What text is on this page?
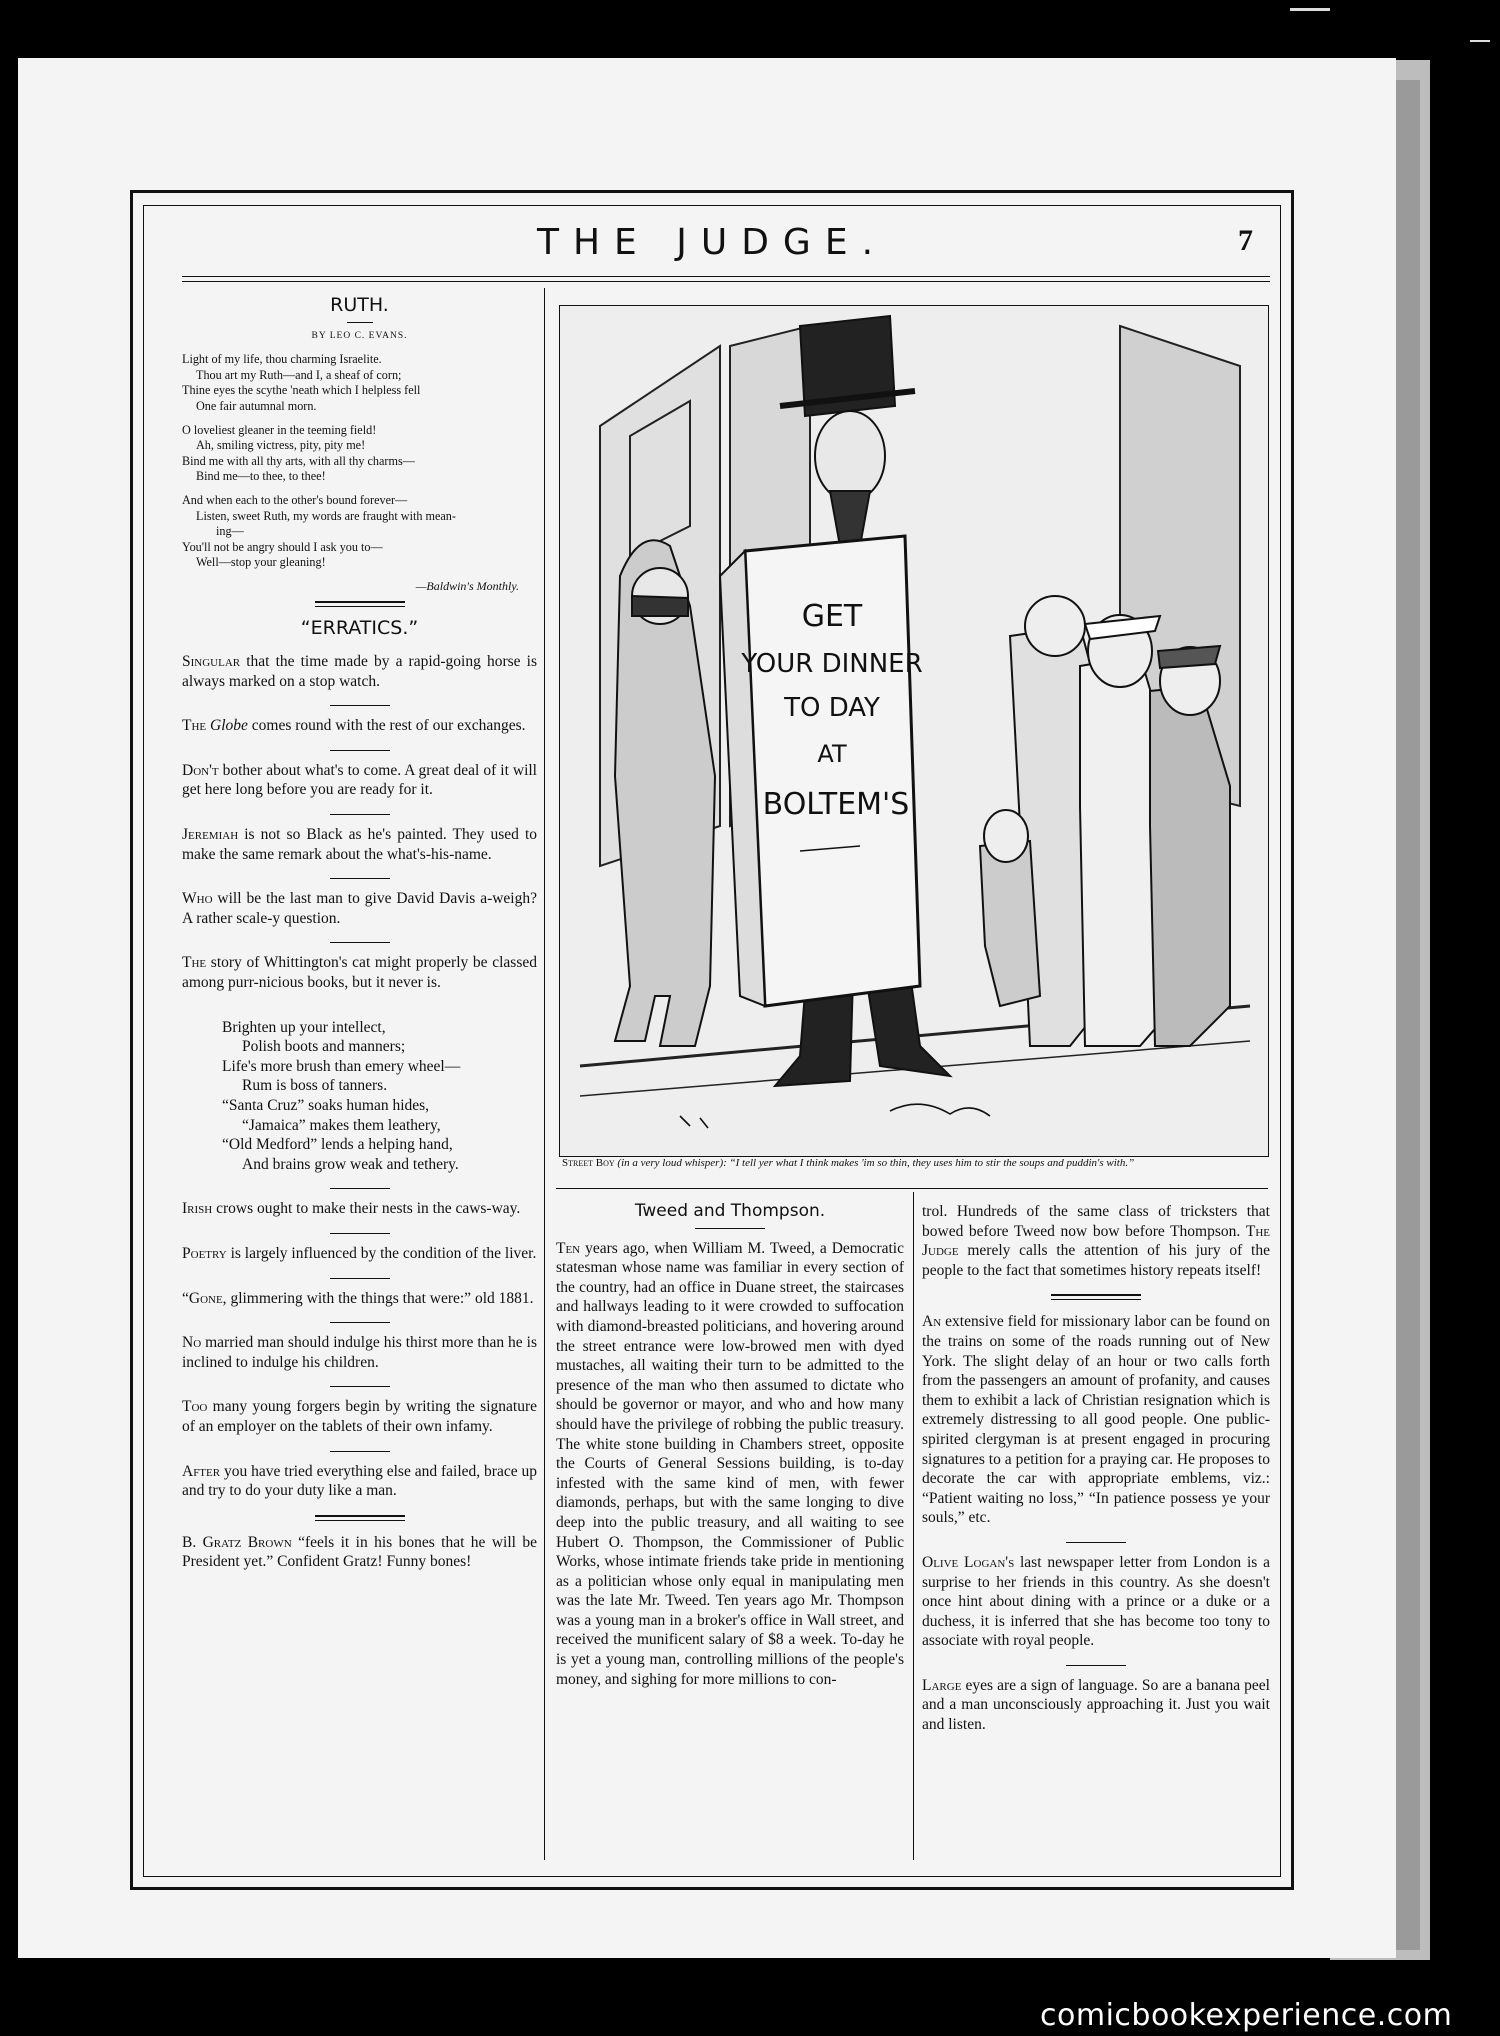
THE JUDGE.	7
RUTH.
BY LEO C. EVANS.
Light of my life, thou charming Israelite.
Thou art my Ruth—and I, a sheaf of corn;
Thine eyes the scythe 'neath which I helpless fell
One fair autumnal morn.
O loveliest gleaner in the teeming field!
Ah, smiling victress, pity, pity me!
Bind me with all thy arts, with all thy charms—
Bind me—to thee, to thee!
And when each to the other's bound forever—
Listen, sweet Ruth, my words are fraught with mean-
ing—
You'll not be angry should I ask you to—
Well—stop your gleaning!
—Baldwin's Monthly.
“ERRATICS.”

Singular that the time made by a rapid-going horse is always marked on a stop watch.

The Globe comes round with the rest of our exchanges.

Don't bother about what's to come. A great deal of it will get here long before you are ready for it.

Jeremiah is not so Black as he's painted. They used to make the same remark about the what's-his-name.

Who will be the last man to give David Davis a-weigh? A rather scale-y question.

The story of Whittington's cat might properly be classed among purr-nicious books, but it never is.

Brighten up your intellect,
Polish boots and manners;
Life's more brush than emery wheel—
Rum is boss of tanners.
“Santa Cruz” soaks human hides,
“Jamaica” makes them leathery,
“Old Medford” lends a helping hand,
And brains grow weak and tethery.

Irish crows ought to make their nests in the caws-way.

Poetry is largely influenced by the condition of the liver.

“Gone, glimmering with the things that were:” old 1881.

No married man should indulge his thirst more than he is inclined to indulge his children.

Too many young forgers begin by writing the signature of an employer on the tablets of their own infamy.

After you have tried everything else and failed, brace up and try to do your duty like a man.

B. Gratz Brown “feels it in his bones that he will be President yet.” Confident Gratz! Funny bones!

GET
YOUR DINNER
TO DAY
AT
BOLTEM'S
Street Boy (in a very loud whisper): “I tell yer what I think makes 'im so thin, they uses him to stir the soups and puddin's with.”
Tweed and Thompson.

Ten years ago, when William M. Tweed, a Democratic statesman whose name was familiar in every section of the country, had an office in Duane street, the staircases and hallways leading to it were crowded to suffocation with diamond-breasted politicians, and hovering around the street entrance were low-browed men with dyed mustaches, all waiting their turn to be admitted to the presence of the man who then assumed to dictate who should be governor or mayor, and who and how many should have the privilege of robbing the public treasury. The white stone building in Chambers street, opposite the Courts of General Sessions building, is to-day infested with the same kind of men, with fewer diamonds, perhaps, but with the same longing to dive deep into the public treasury, and all waiting to see Hubert O. Thompson, the Commissioner of Public Works, whose intimate friends take pride in mentioning as a politician whose only equal in manipulating men was the late Mr. Tweed. Ten years ago Mr. Thompson was a young man in a broker's office in Wall street, and received the munificent salary of $8 a week. To-day he is yet a young man, controlling millions of the people's money, and sighing for more millions to con-

trol. Hundreds of the same class of tricksters that bowed before Tweed now bow before Thompson. The Judge merely calls the attention of his jury of the people to the fact that sometimes history repeats itself!

An extensive field for missionary labor can be found on the trains on some of the roads running out of New York. The slight delay of an hour or two calls forth from the passengers an amount of profanity, and causes them to exhibit a lack of Christian resignation which is extremely distressing to all good people. One public-spirited clergyman is at present engaged in procuring signatures to a petition for a praying car. He proposes to decorate the car with appropriate emblems, viz.: “Patient waiting no loss,” “In patience possess ye your souls,” etc.

Olive Logan's last newspaper letter from London is a surprise to her friends in this country. As she doesn't once hint about dining with a prince or a duke or a duchess, it is inferred that she has become too tony to associate with royal people.

Large eyes are a sign of language. So are a banana peel and a man unconsciously approaching it. Just you wait and listen.

comicbookexperience.com
